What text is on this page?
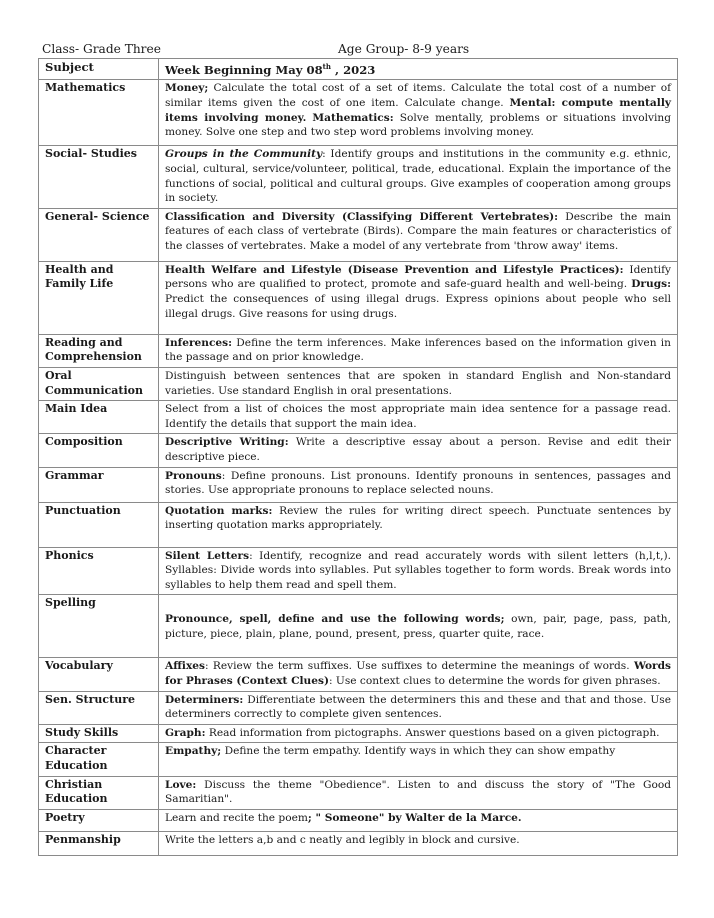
Class- Grade Three	Age Group- 8-9 years
Subject	Week Beginning May 08th , 2023
Mathematics	Money; Calculate the total cost of a set of items. Calculate the total cost of a number of similar items given the cost of one item. Calculate change. Mental: compute mentally items involving money. Mathematics: Solve mentally, problems or situations involving money. Solve one step and two step word problems involving money.
Social- Studies	Groups in the Community: Identify groups and institutions in the community e.g. ethnic, social, cultural, service/volunteer, political, trade, educational. Explain the importance of the functions of social, political and cultural groups. Give examples of cooperation among groups in society.
General- Science	Classification and Diversity (Classifying Different Vertebrates): Describe the main features of each class of vertebrate (Birds). Compare the main features or characteristics of the classes of vertebrates. Make a model of any vertebrate from 'throw away' items.
Health and Family Life	Health Welfare and Lifestyle (Disease Prevention and Lifestyle Practices): Identify persons who are qualified to protect, promote and safe-guard health and well-being. Drugs: Predict the consequences of using illegal drugs. Express opinions about people who sell illegal drugs. Give reasons for using drugs.
Reading and Comprehension	Inferences: Define the term inferences. Make inferences based on the information given in the passage and on prior knowledge.
Oral Communication	Distinguish between sentences that are spoken in standard English and Non-standard varieties. Use standard English in oral presentations.
Main Idea	Select from a list of choices the most appropriate main idea sentence for a passage read. Identify the details that support the main idea.
Composition	Descriptive Writing: Write a descriptive essay about a person. Revise and edit their descriptive piece.
Grammar	Pronouns: Define pronouns. List pronouns. Identify pronouns in sentences, passages and stories. Use appropriate pronouns to replace selected nouns.
Punctuation	Quotation marks: Review the rules for writing direct speech. Punctuate sentences by inserting quotation marks appropriately.
Phonics	Silent Letters: Identify, recognize and read accurately words with silent letters (h,l,t,). Syllables: Divide words into syllables. Put syllables together to form words. Break words into syllables to help them read and spell them.
Spelling	Pronounce, spell, define and use the following words; own, pair, page, pass, path, picture, piece, plain, plane, pound, present, press, quarter quite, race.
Vocabulary	Affixes: Review the term suffixes. Use suffixes to determine the meanings of words. Words for Phrases (Context Clues): Use context clues to determine the words for given phrases.
Sen. Structure	Determiners: Differentiate between the determiners this and these and that and those. Use determiners correctly to complete given sentences.
Study Skills	Graph: Read information from pictographs. Answer questions based on a given pictograph.
Character Education	Empathy; Define the term empathy. Identify ways in which they can show empathy
Christian Education	Love: Discuss the theme "Obedience". Listen to and discuss the story of "The Good Samaritian".
Poetry	Learn and recite the poem; " Someone" by Walter de la Marce.
Penmanship	Write the letters a,b and c neatly and legibly in block and cursive.
